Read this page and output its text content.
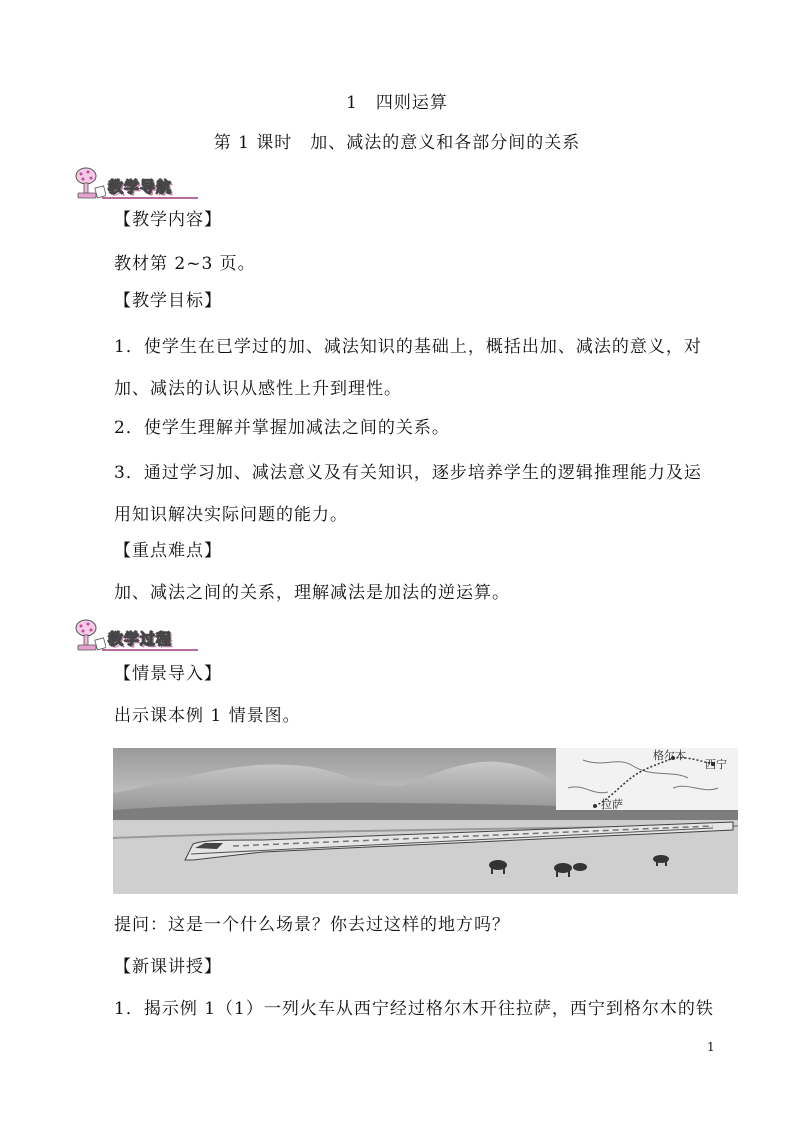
1　四则运算
第 1 课时　加、减法的意义和各部分间的关系
教学导航
【教学内容】
教材第 2~3 页。
【教学目标】
1．使学生在已学过的加、减法知识的基础上，概括出加、减法的意义，对加、减法的认识从感性上升到理性。
2．使学生理解并掌握加减法之间的关系。
3．通过学习加、减法意义及有关知识，逐步培养学生的逻辑推理能力及运用知识解决实际问题的能力。
【重点难点】
加、减法之间的关系，理解减法是加法的逆运算。
教学过程
【情景导入】
出示课本例 1 情景图。
格尔木
西宁
拉萨
提问：这是一个什么场景？你去过这样的地方吗？
【新课讲授】
1．揭示例 1（1）一列火车从西宁经过格尔木开往拉萨，西宁到格尔木的铁
1
